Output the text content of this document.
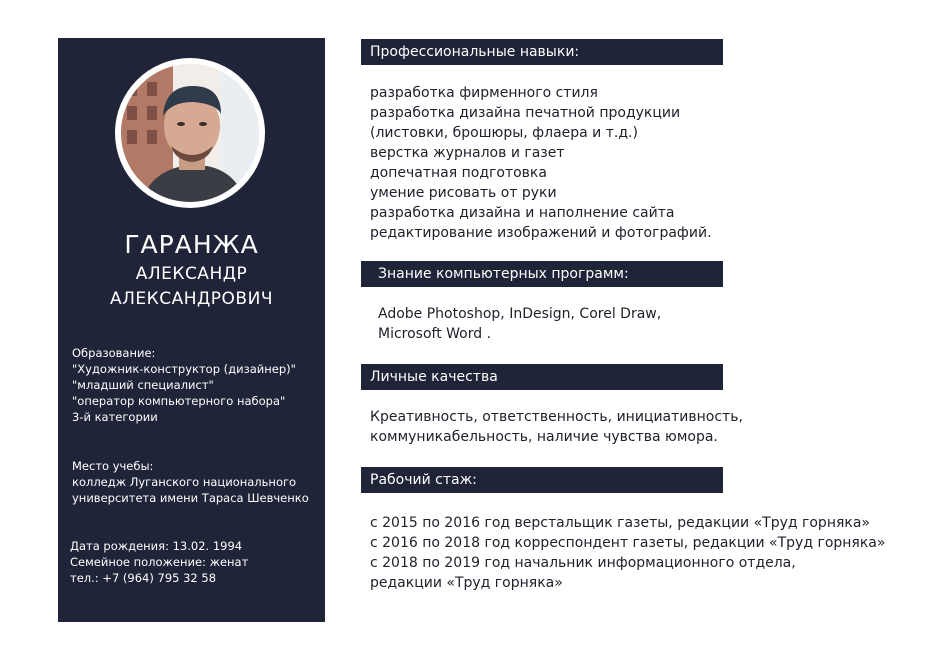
ГАРАНЖА
АЛЕКСАНДР
АЛЕКСАНДРОВИЧ
Образование:
"Художник-конструктор (дизайнер)"
"младший специалист"
"оператор компьютерного набора"
3-й категории
Место учебы:
колледж Луганского национального
университета имени Тараса Шевченко
Дата рождения: 13.02. 1994
Семейное положение: женат
тел.: +7 (964) 795 32 58
Профессиональные навыки:
разработка фирменного стиля
разработка дизайна печатной продукции
(листовки, брошюры, флаера и т.д.)
верстка журналов и газет
допечатная подготовка
умение рисовать от руки
разработка дизайна и наполнение сайта
редактирование изображений и фотографий.
Знание компьютерных программ:
Adobe Photoshop, InDesign, Corel Draw,
Microsoft Word .
Личные качества
Креативность, ответственность, инициативность,
коммуникабельность, наличие чувства юмора.
Рабочий стаж:
с 2015 по 2016 год верстальщик газеты, редакции «Труд горняка»
с 2016 по 2018 год корреспондент газеты, редакции «Труд горняка»
с 2018 по 2019 год начальник информационного отдела,
редакции «Труд горняка»
